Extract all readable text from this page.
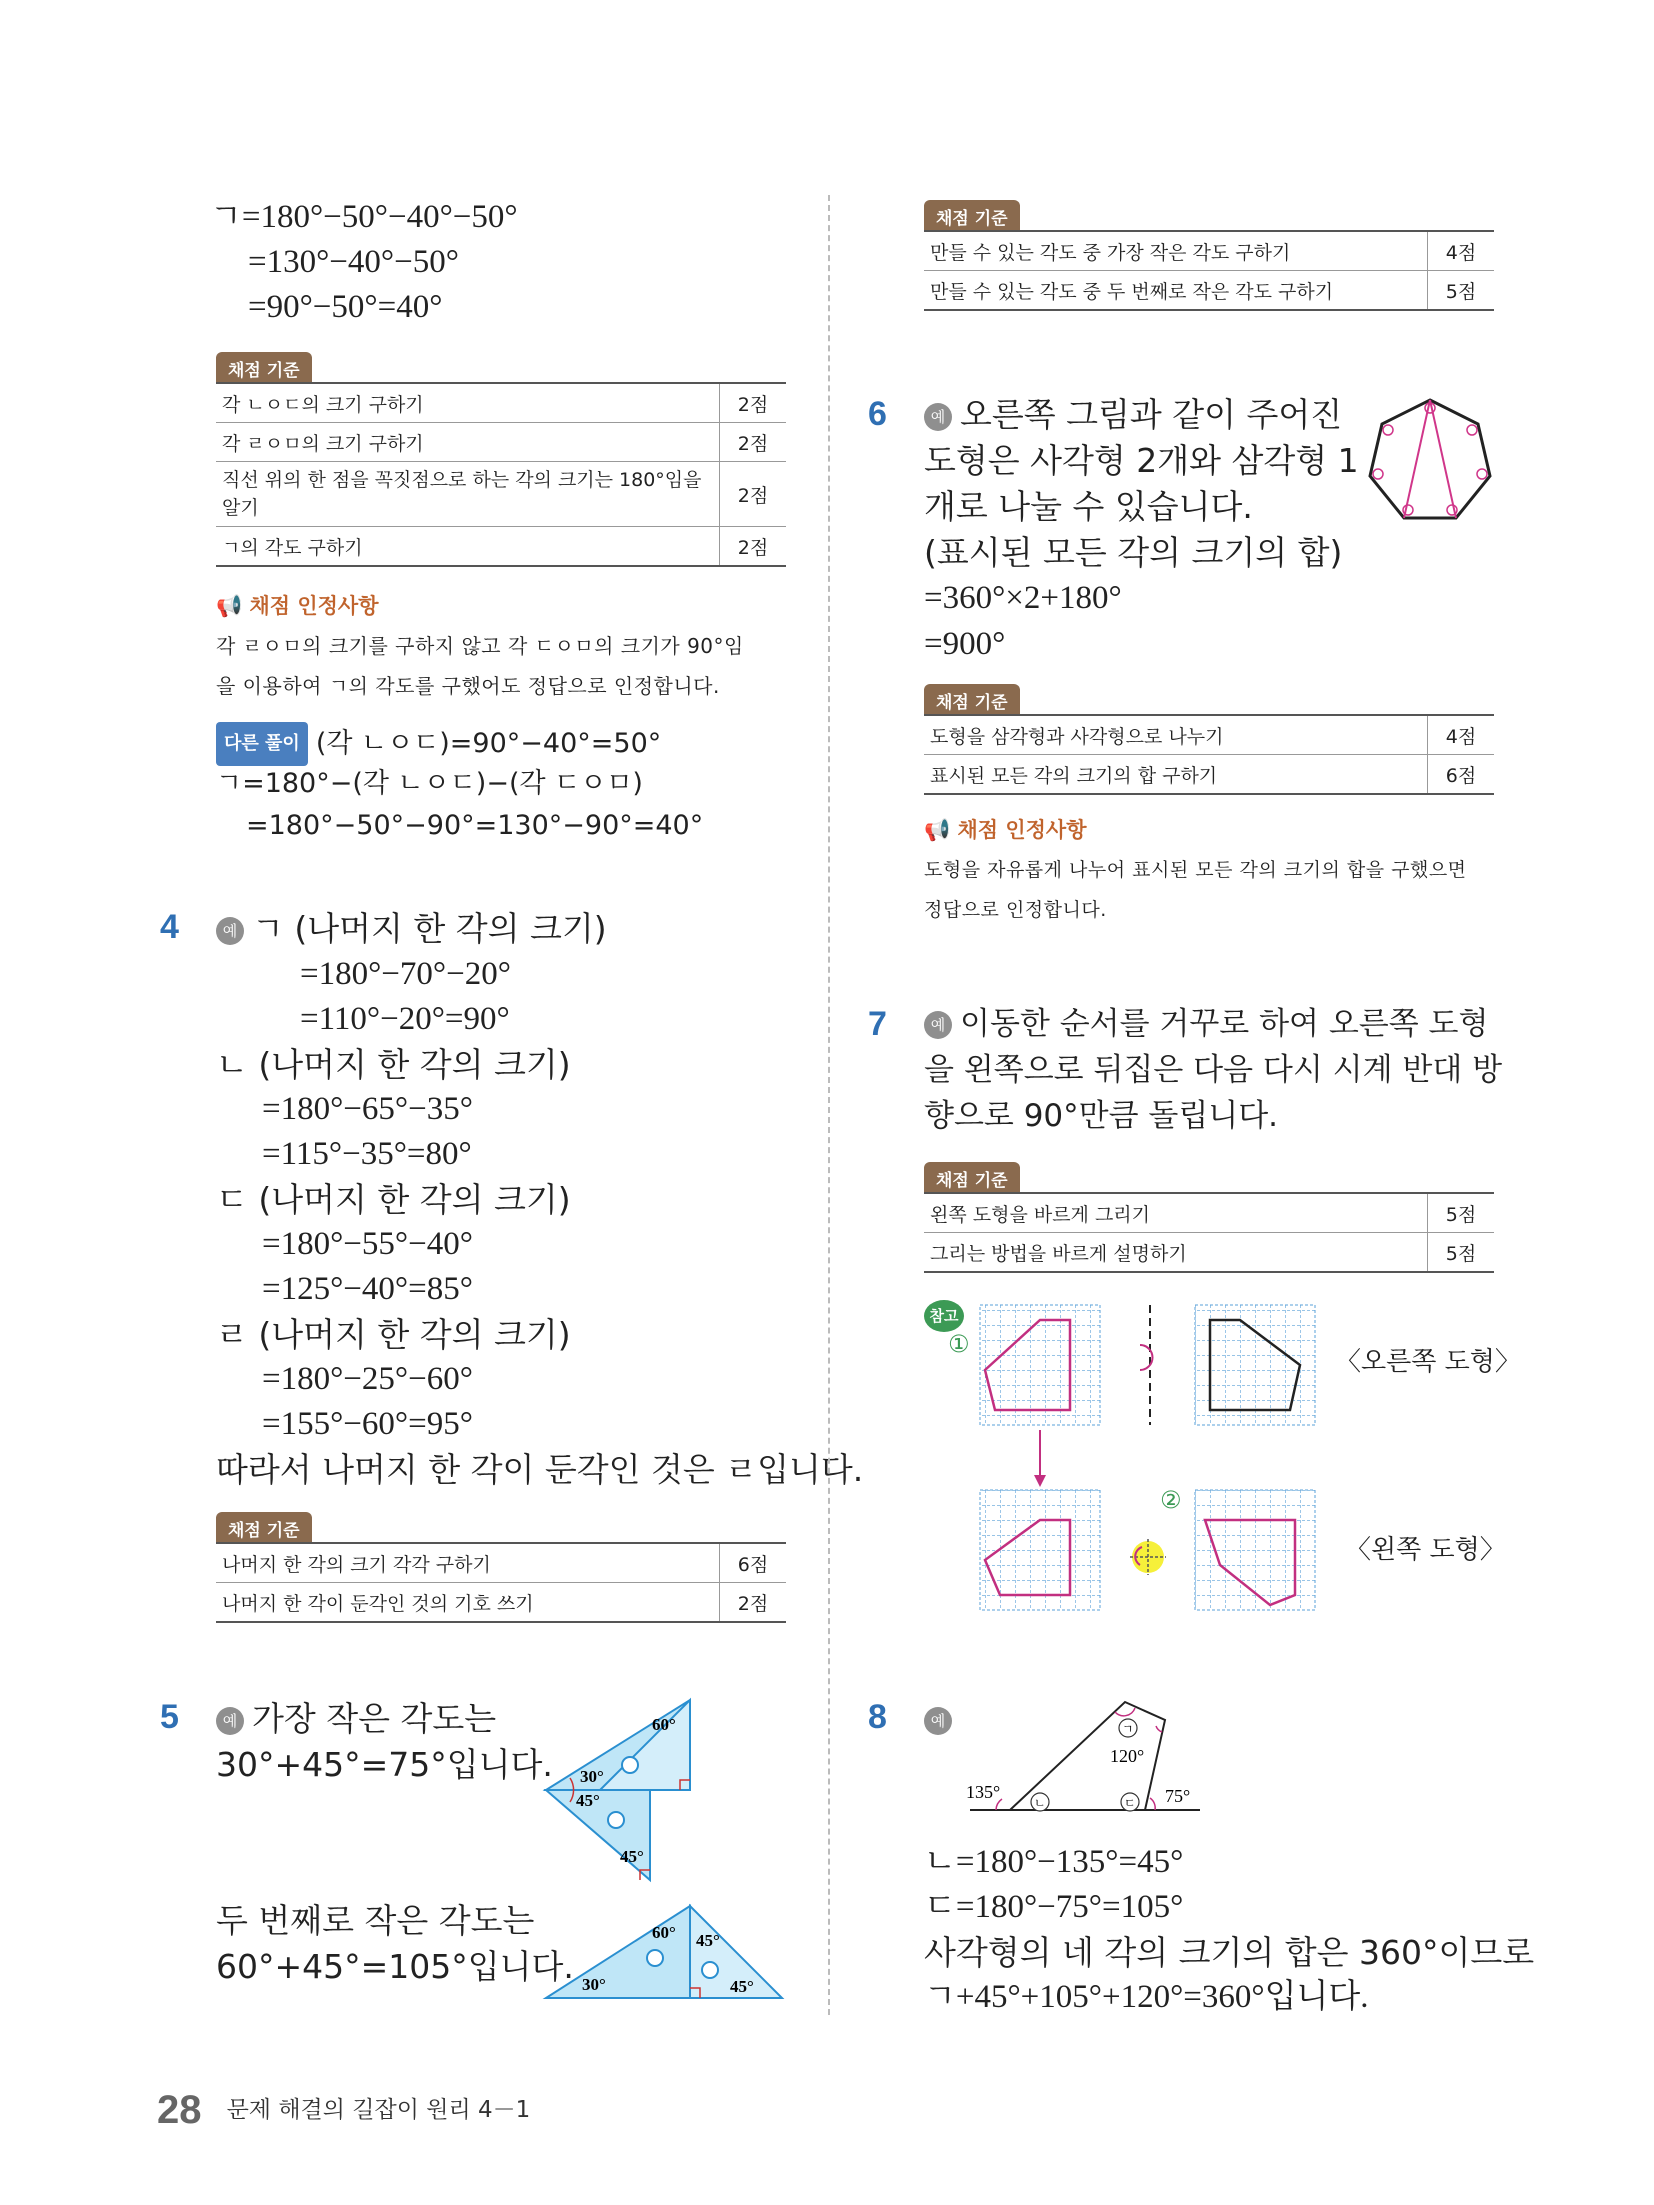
ㄱ=180°−50°−40°−50°
=130°−40°−50°
=90°−50°=40°
채점 기준
각 ㄴㅇㄷ의 크기 구하기	2점
각 ㄹㅇㅁ의 크기 구하기	2점
직선 위의 한 점을 꼭짓점으로 하는 각의 크기는 180°임을 알기	2점
ㄱ의 각도 구하기	2점
📢 채점 인정사항
각 ㄹㅇㅁ의 크기를 구하지 않고 각 ㄷㅇㅁ의 크기가 90°임
을 이용하여 ㄱ의 각도를 구했어도 정답으로 인정합니다.
다른 풀이 (각 ㄴㅇㄷ)=90°−40°=50°
ㄱ=180°−(각 ㄴㅇㄷ)−(각 ㄷㅇㅁ)
=180°−50°−90°=130°−90°=40°
4	예 ㄱ (나머지 한 각의 크기)
=180°−70°−20°
=110°−20°=90°
ㄴ (나머지 한 각의 크기)
=180°−65°−35°
=115°−35°=80°
ㄷ (나머지 한 각의 크기)
=180°−55°−40°
=125°−40°=85°
ㄹ (나머지 한 각의 크기)
=180°−25°−60°
=155°−60°=95°
따라서 나머지 한 각이 둔각인 것은 ㄹ입니다.
채점 기준
나머지 한 각의 크기 각각 구하기	6점
나머지 한 각이 둔각인 것의 기호 쓰기	2점
5	예 가장 작은 각도는
30°+45°=75°입니다.
두 번째로 작은 각도는
60°+45°=105°입니다.
60°
30°
45°
45°
60° 45°
30°	45°
채점 기준
만들 수 있는 각도 중 가장 작은 각도 구하기	4점
만들 수 있는 각도 중 두 번째로 작은 각도 구하기	5점
6	예 오른쪽 그림과 같이 주어진
도형은 사각형 2개와 삼각형 1
개로 나눌 수 있습니다.
(표시된 모든 각의 크기의 합)
=360°×2+180°
=900°
채점 기준
도형을 삼각형과 사각형으로 나누기	4점
표시된 모든 각의 크기의 합 구하기	6점
📢 채점 인정사항
도형을 자유롭게 나누어 표시된 모든 각의 크기의 합을 구했으면
정답으로 인정합니다.
7	예 이동한 순서를 거꾸로 하여 오른쪽 도형
을 왼쪽으로 뒤집은 다음 다시 시계 반대 방
향으로 90°만큼 돌립니다.
채점 기준
왼쪽 도형을 바르게 그리기	5점
그리는 방법을 바르게 설명하기	5점
참고
①
②
〈오른쪽 도형〉
〈왼쪽 도형〉
8	예
135°
120°
75°
ㄱ
ㄴ	ㄷ
ㄴ=180°−135°=45°
ㄷ=180°−75°=105°
사각형의 네 각의 크기의 합은 360°이므로
ㄱ+45°+105°+120°=360°입니다.
28 문제 해결의 길잡이 원리 4－1
